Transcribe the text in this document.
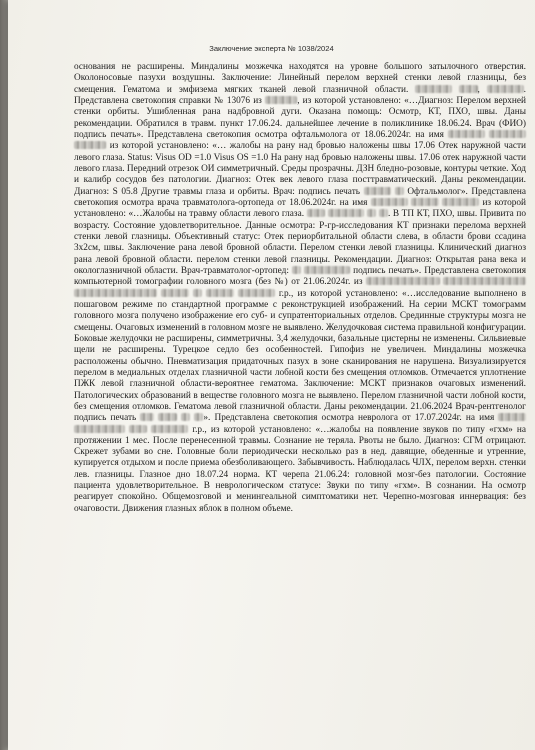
Заключение эксперта № 1038/2024

основания не расширены. Миндалины мозжечка находятся на уровне большого затылочного отверстия. Околоносовые пазухи воздушны. Заключение: Линейный перелом верхней стенки левой глазницы, без смещения. Гематома и эмфизема мягких тканей левой глазничной области.	,	. Представлена светокопия справки № 13076 из	, из которой установлено: «…Диагноз: Перелом верхней стенки орбиты. Ушибленная рана надбровной дуги. Оказана помощь: Осмотр, КТ, ПХО, швы. Даны рекомендации. Обратился в травм. пункт 17.06.24. дальнейшее лечение в поликлинике 18.06.24. Врач (ФИО) подпись печать». Представлена светокопия осмотра офтальмолога от 18.06.2024г. на имя    из которой установлено: «… жалобы на рану над бровью наложены швы 17.06 Отек наружной части левого глаза. Status: Visus OD =1.0 Visus OS =1.0 На рану над бровью наложены швы. 17.06 отек наружной части левого глаза. Передний отрезок ОИ симметричный. Среды прозрачны. ДЗН бледно-розовые, контуры четкие. Ход и калибр сосудов без патологии. Диагноз: Отек век левого глаза посттравматический. Даны рекомендации. Диагноз: S 05.8 Другие травмы глаза и орбиты. Врач: подпись печать	Офтальмолог». Представлена светокопия осмотра врача травматолога-ортопеда от 18.06.2024г. на имя	из которой установлено: «…Жалобы на травму области левого глаза.	. В ТП КТ, ПХО, швы. Привита по возрасту. Состояние удовлетворительное. Данные осмотра: Р-гр-исследования КТ признаки перелома верхней стенки левой глазницы. Объективный статус: Отек периорбитальной области слева, в области брови ссадина 3х2см, швы. Заключение рана левой бровной области. Перелом стенки левой глазницы. Клинический диагноз рана левой бровной области. перелом стенки левой глазницы. Рекомендации. Диагноз: Открытая рана века и окологлазничной области. Врач-травматолог-ортопед:	подпись печать». Представлена светокопия компьютерной томографии головного мозга (без №) от 21.06.2024г. из        г.р., из которой установлено: «…исследование выполнено в пошаговом режиме по стандартной программе с реконструкцией изображений. На серии МСКТ томограмм головного мозга получено изображение его суб- и супратенториальных отделов. Срединные структуры мозга не смещены. Очаговых изменений в головном мозге не выявлено. Желудочковая система правильной конфигурации. Боковые желудочки не расширены, симметричны. 3,4 желудочки, базальные цистерны не изменены. Сильвиевые щели не расширены. Турецкое седло без особенностей. Гипофиз не увеличен. Миндалины мозжечка расположены обычно. Пневматизация придаточных пазух в зоне сканирования не нарушена. Визуализируется перелом в медиальных отделах глазничной части лобной кости без смещения отломков. Отмечается уплотнение ПЖК левой глазничной области-вероятнее гематома. Заключение: МСКТ признаков очаговых изменений. Патологических образований в веществе головного мозга не выявлено. Перелом глазничной части лобной кости, без смещения отломков. Гематома левой глазничной области. Даны рекомендации. 21.06.2024 Врач-рентгенолог подпись печать	». Представлена светокопия осмотра невролога от 17.07.2024г. на имя     г.р., из которой установлено: «…жалобы на появление звуков по типу «гхм» на протяжении 1 мес. После перенесенной травмы. Сознание не теряла. Рвоты не было. Диагноз: СГМ отрицают. Скрежет зубами во сне. Головные боли периодически несколько раз в нед. давящие, обеденные и утренние, купируется отдыхом и после приема обезболивающего. Забывчивость. Наблюдалась ЧЛХ, перелом верхн. стенки лев. глазницы. Глазное дно 18.07.24 норма. КТ черепа 21.06.24: головной мозг-без патологии. Состояние пациента удовлетворительное. В неврологическом статусе: Звуки по типу «гхм». В сознании. На осмотр реагирует спокойно. Общемозговой и менингеальной симптоматики нет. Черепно-мозговая иннервация: без очаговости. Движения глазных яблок в полном объеме.
